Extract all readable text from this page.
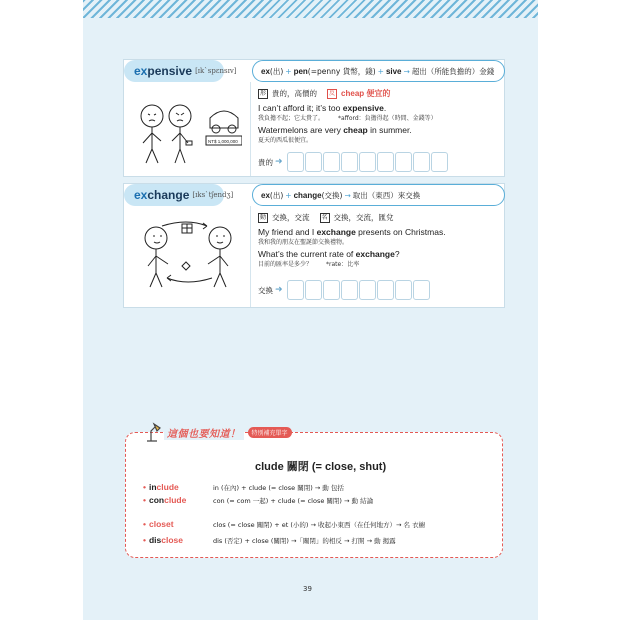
expensive [ɪk`spɛnsɪv]	ex (出) + pen (=penny 貨幣，錢) + sive → 超出（所能負擔的）金錢
NT$ 1,000,000
形 貴的，高價的	反 cheap 便宜的
I can’t afford it; it’s too expensive.
我負擔不起；它太貴了。 *afford：負擔得起（時間、金錢等）
Watermelons are very cheap in summer.
夏天的西瓜很便宜。
貴的 ➜
exchange [ɪks`tʃendʒ]	ex (出) + change (交換) → 取出（東西）來交換
動 交換，交流	名 交換，交流，匯兌
My friend and I exchange presents on Christmas.
我和我的朋友在聖誕節交換禮物。
What’s the current rate of exchange?
目前的匯率是多少？ *rate：比率
交換 ➜
這個也要知道！	特別補充單字
clude 關閉 (= close, shut)
• include	in (在內) + clude (= close 關閉) → 動 包括
• conclude	con (= com 一起) + clude (= close 關閉) → 動 結論
• closet	clos (= close 關閉) + et (小的) → 收起小東西（在任何地方）→ 名 衣櫥
• disclose	dis (否定) + close (關閉) →「關閉」的相反 → 打開 → 動 揭露
39
